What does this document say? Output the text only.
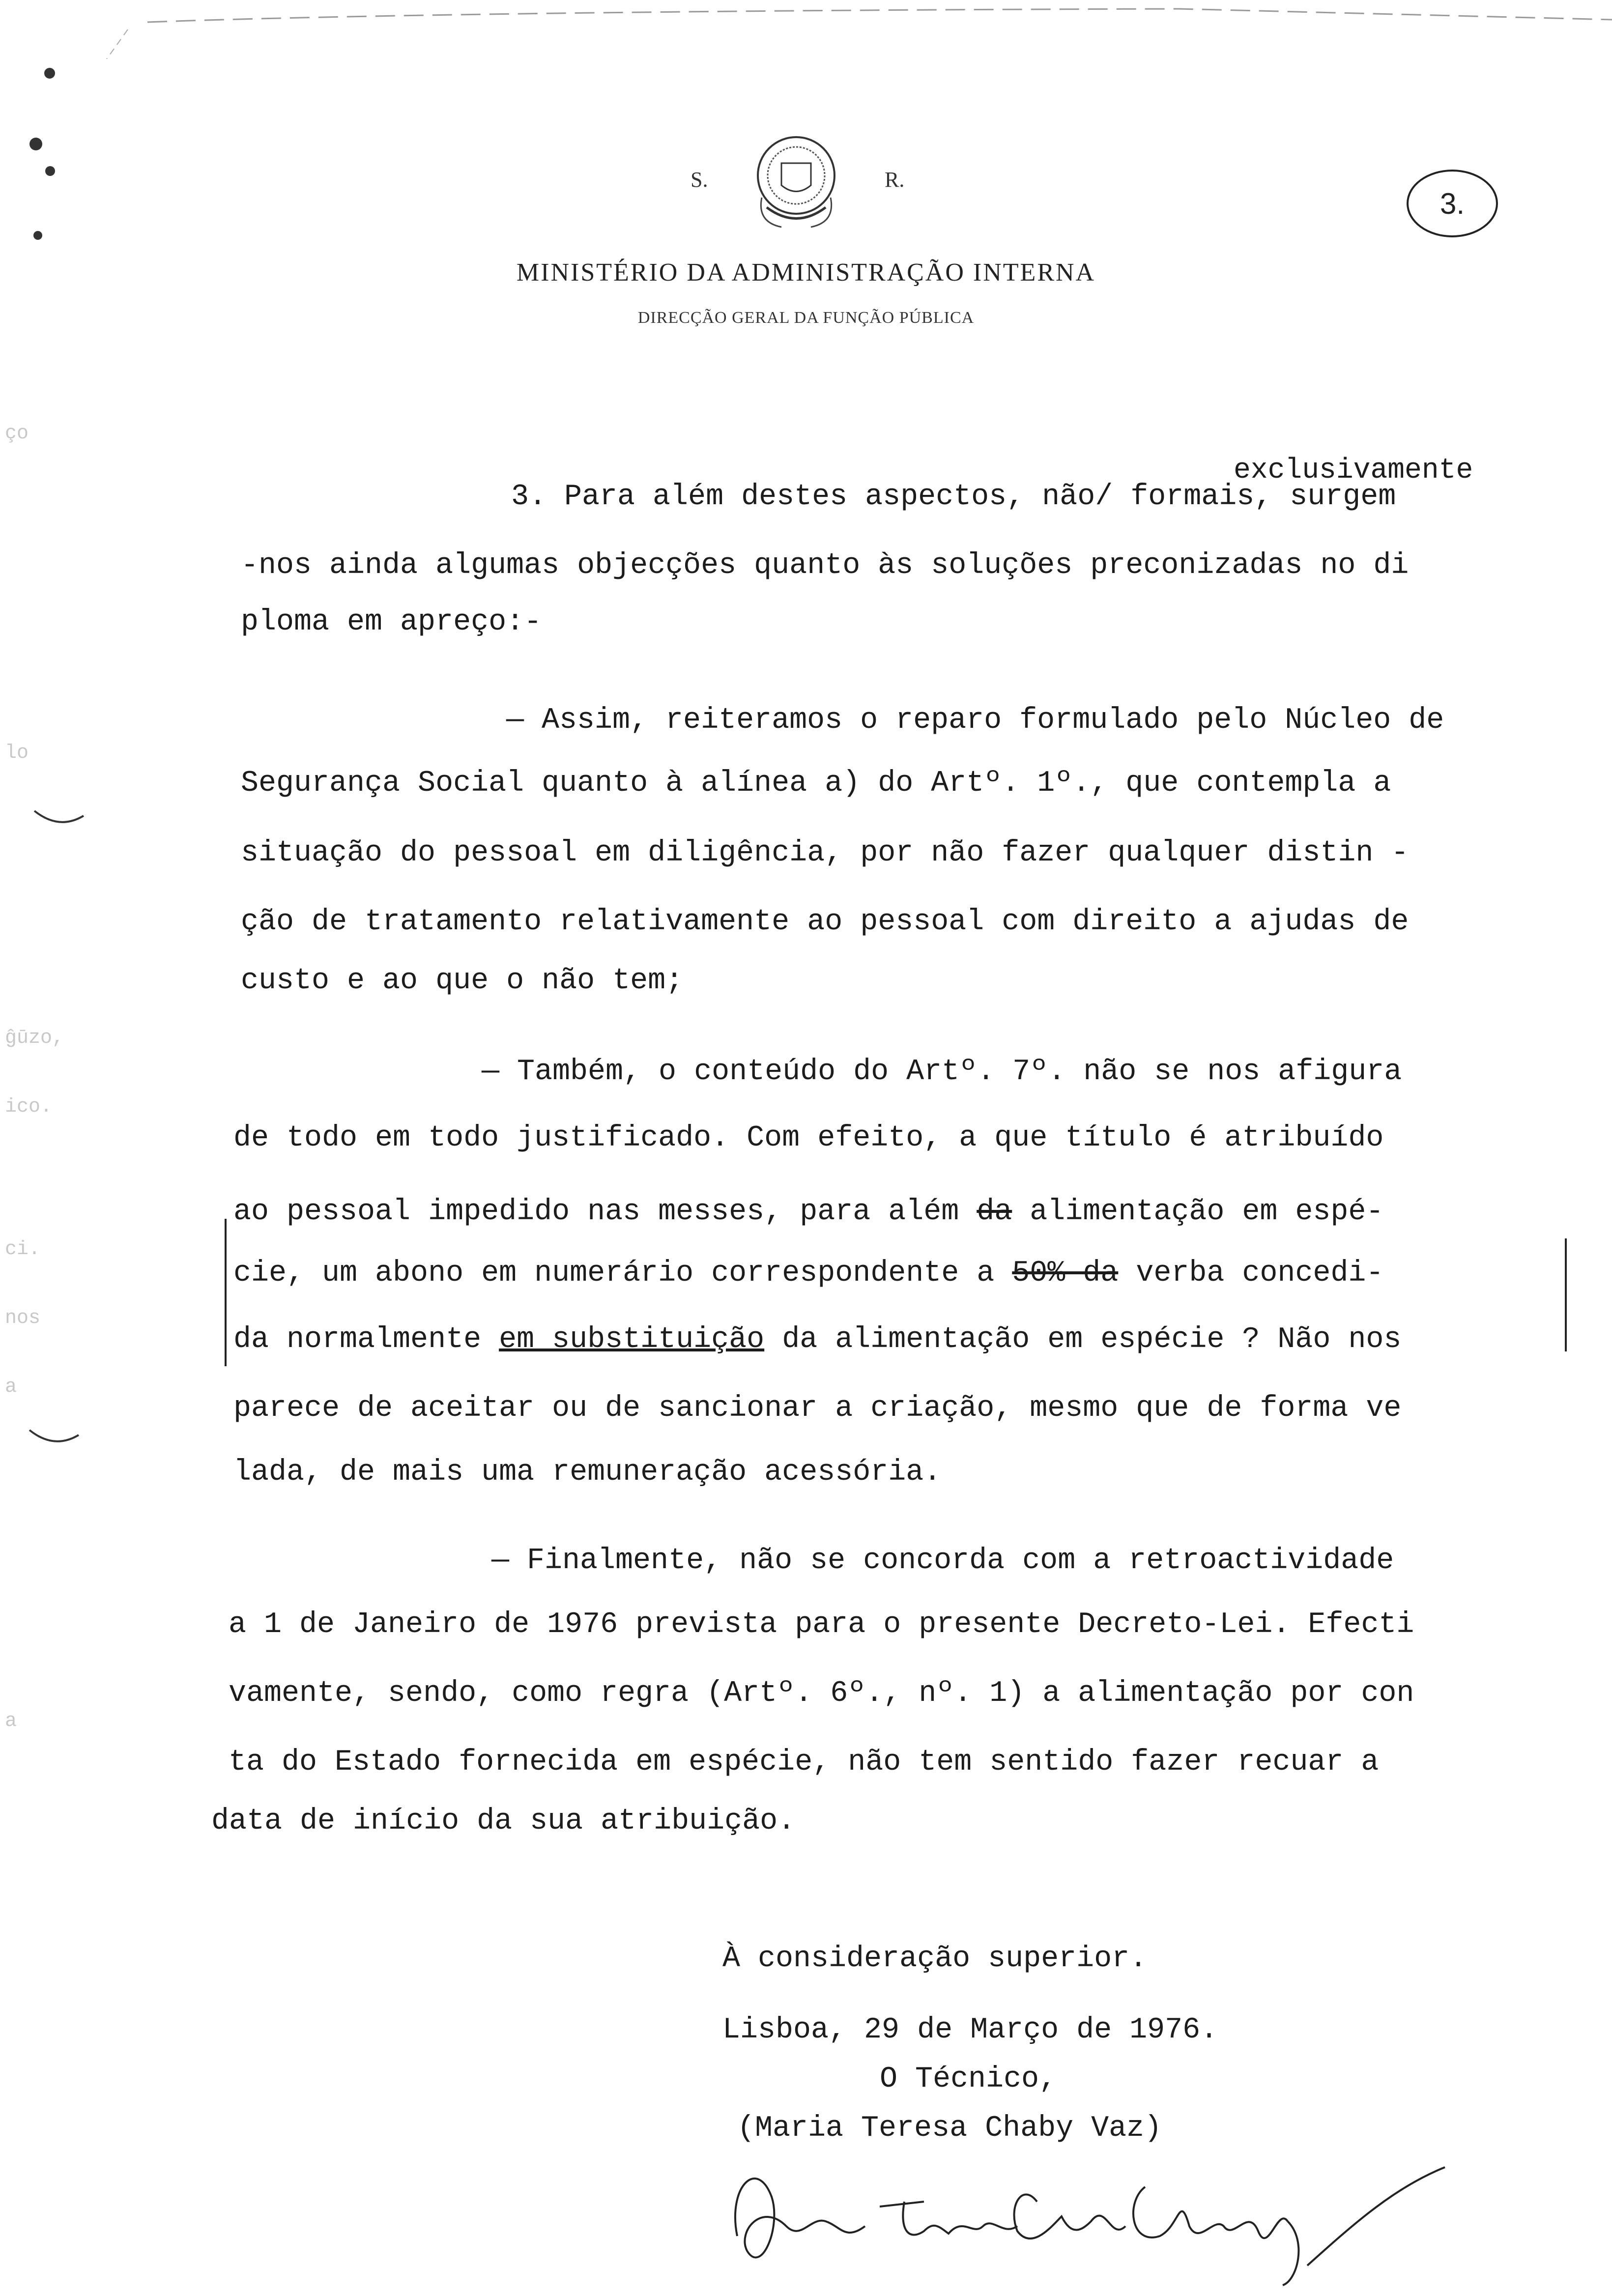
ço
lo
ĝūzo,
ico.
ci.
nos
a
a
S.	R.
3.
MINISTÉRIO DA ADMINISTRAÇÃO INTERNA
DIRECÇÃO GERAL DA FUNÇÃO PÚBLICA
exclusivamente
3. Para além destes aspectos, não/ formais, surgem
-nos ainda algumas objecções quanto às soluções preconizadas no di
ploma em apreço:-
— Assim, reiteramos o reparo formulado pelo Núcleo de
Segurança Social quanto à alínea a) do Artº. 1º., que contempla a
situação do pessoal em diligência, por não fazer qualquer distin -
ção de tratamento relativamente ao pessoal com direito a ajudas de
custo e ao que o não tem;
— Também, o conteúdo do Artº. 7º. não se nos afigura
de todo em todo justificado. Com efeito, a que título é atribuído
ao pessoal impedido nas messes, para além da alimentação em espé-
cie, um abono em numerário correspondente a 50% da verba concedi-
da normalmente em substituição da alimentação em espécie ? Não nos
parece de aceitar ou de sancionar a criação, mesmo que de forma ve
lada, de mais uma remuneração acessória.
— Finalmente, não se concorda com a retroactividade
a 1 de Janeiro de 1976 prevista para o presente Decreto-Lei. Efecti
vamente, sendo, como regra (Artº. 6º., nº. 1) a alimentação por con
ta do Estado fornecida em espécie, não tem sentido fazer recuar a
data de início da sua atribuição.
À consideração superior.
Lisboa, 29 de Março de 1976.
O Técnico,
(Maria Teresa Chaby Vaz)
